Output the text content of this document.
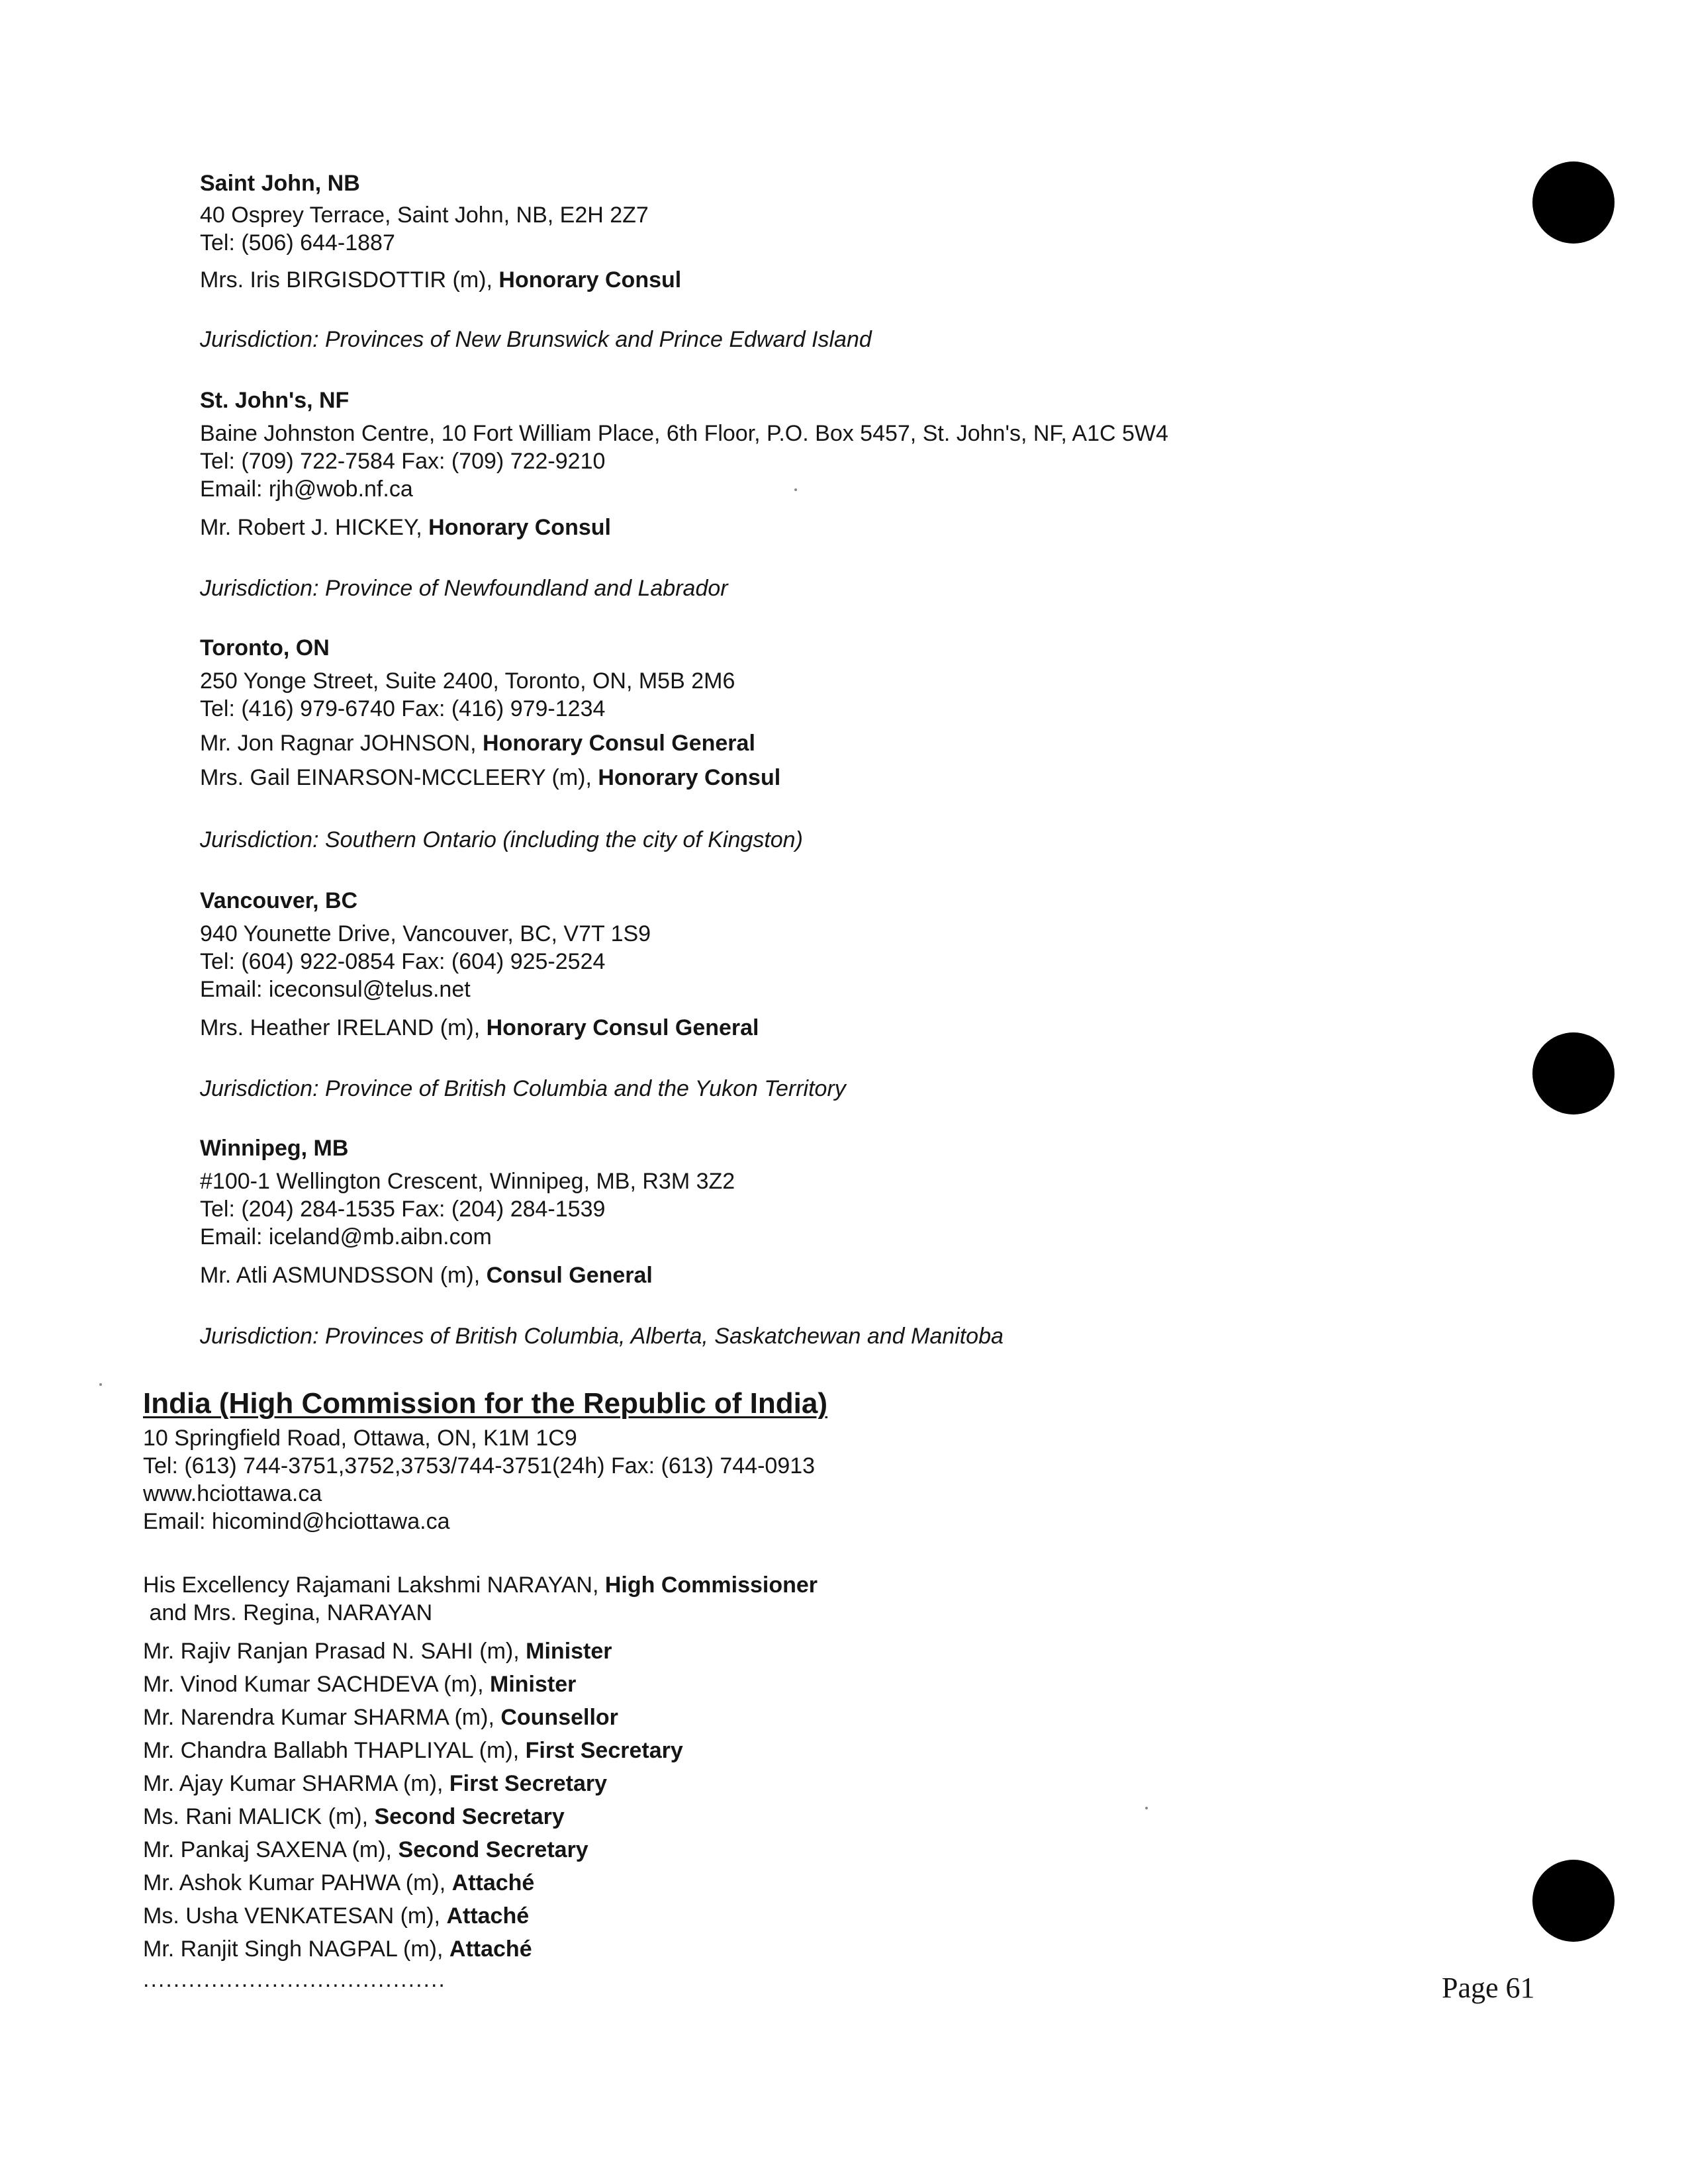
Saint John, NB
40 Osprey Terrace, Saint John, NB, E2H 2Z7
Tel: (506) 644-1887
Mrs. Iris BIRGISDOTTIR (m), Honorary Consul
Jurisdiction: Provinces of New Brunswick and Prince Edward Island
St. John's, NF
Baine Johnston Centre, 10 Fort William Place, 6th Floor, P.O. Box 5457, St. John's, NF, A1C 5W4
Tel: (709) 722-7584 Fax: (709) 722-9210
Email: rjh@wob.nf.ca
Mr. Robert J. HICKEY, Honorary Consul
Jurisdiction: Province of Newfoundland and Labrador
Toronto, ON
250 Yonge Street, Suite 2400, Toronto, ON, M5B 2M6
Tel: (416) 979-6740 Fax: (416) 979-1234
Mr. Jon Ragnar JOHNSON, Honorary Consul General
Mrs. Gail EINARSON-MCCLEERY (m), Honorary Consul
Jurisdiction: Southern Ontario (including the city of Kingston)
Vancouver, BC
940 Younette Drive, Vancouver, BC, V7T 1S9
Tel: (604) 922-0854 Fax: (604) 925-2524
Email: iceconsul@telus.net
Mrs. Heather IRELAND (m), Honorary Consul General
Jurisdiction: Province of British Columbia and the Yukon Territory
Winnipeg, MB
#100-1 Wellington Crescent, Winnipeg, MB, R3M 3Z2
Tel: (204) 284-1535 Fax: (204) 284-1539
Email: iceland@mb.aibn.com
Mr. Atli ASMUNDSSON (m), Consul General
Jurisdiction: Provinces of British Columbia, Alberta, Saskatchewan and Manitoba
India (High Commission for the Republic of India)
10 Springfield Road, Ottawa, ON, K1M 1C9
Tel: (613) 744-3751,3752,3753/744-3751(24h) Fax: (613) 744-0913
www.hciottawa.ca
Email: hicomind@hciottawa.ca
His Excellency Rajamani Lakshmi NARAYAN, High Commissioner
and Mrs. Regina, NARAYAN
Mr. Rajiv Ranjan Prasad N. SAHI (m), Minister
Mr. Vinod Kumar SACHDEVA (m), Minister
Mr. Narendra Kumar SHARMA (m), Counsellor
Mr. Chandra Ballabh THAPLIYAL (m), First Secretary
Mr. Ajay Kumar SHARMA (m), First Secretary
Ms. Rani MALICK (m), Second Secretary
Mr. Pankaj SAXENA (m), Second Secretary
Mr. Ashok Kumar PAHWA (m), Attaché
Ms. Usha VENKATESAN (m), Attaché
Mr. Ranjit Singh NAGPAL (m), Attaché
........................................	Page 61
